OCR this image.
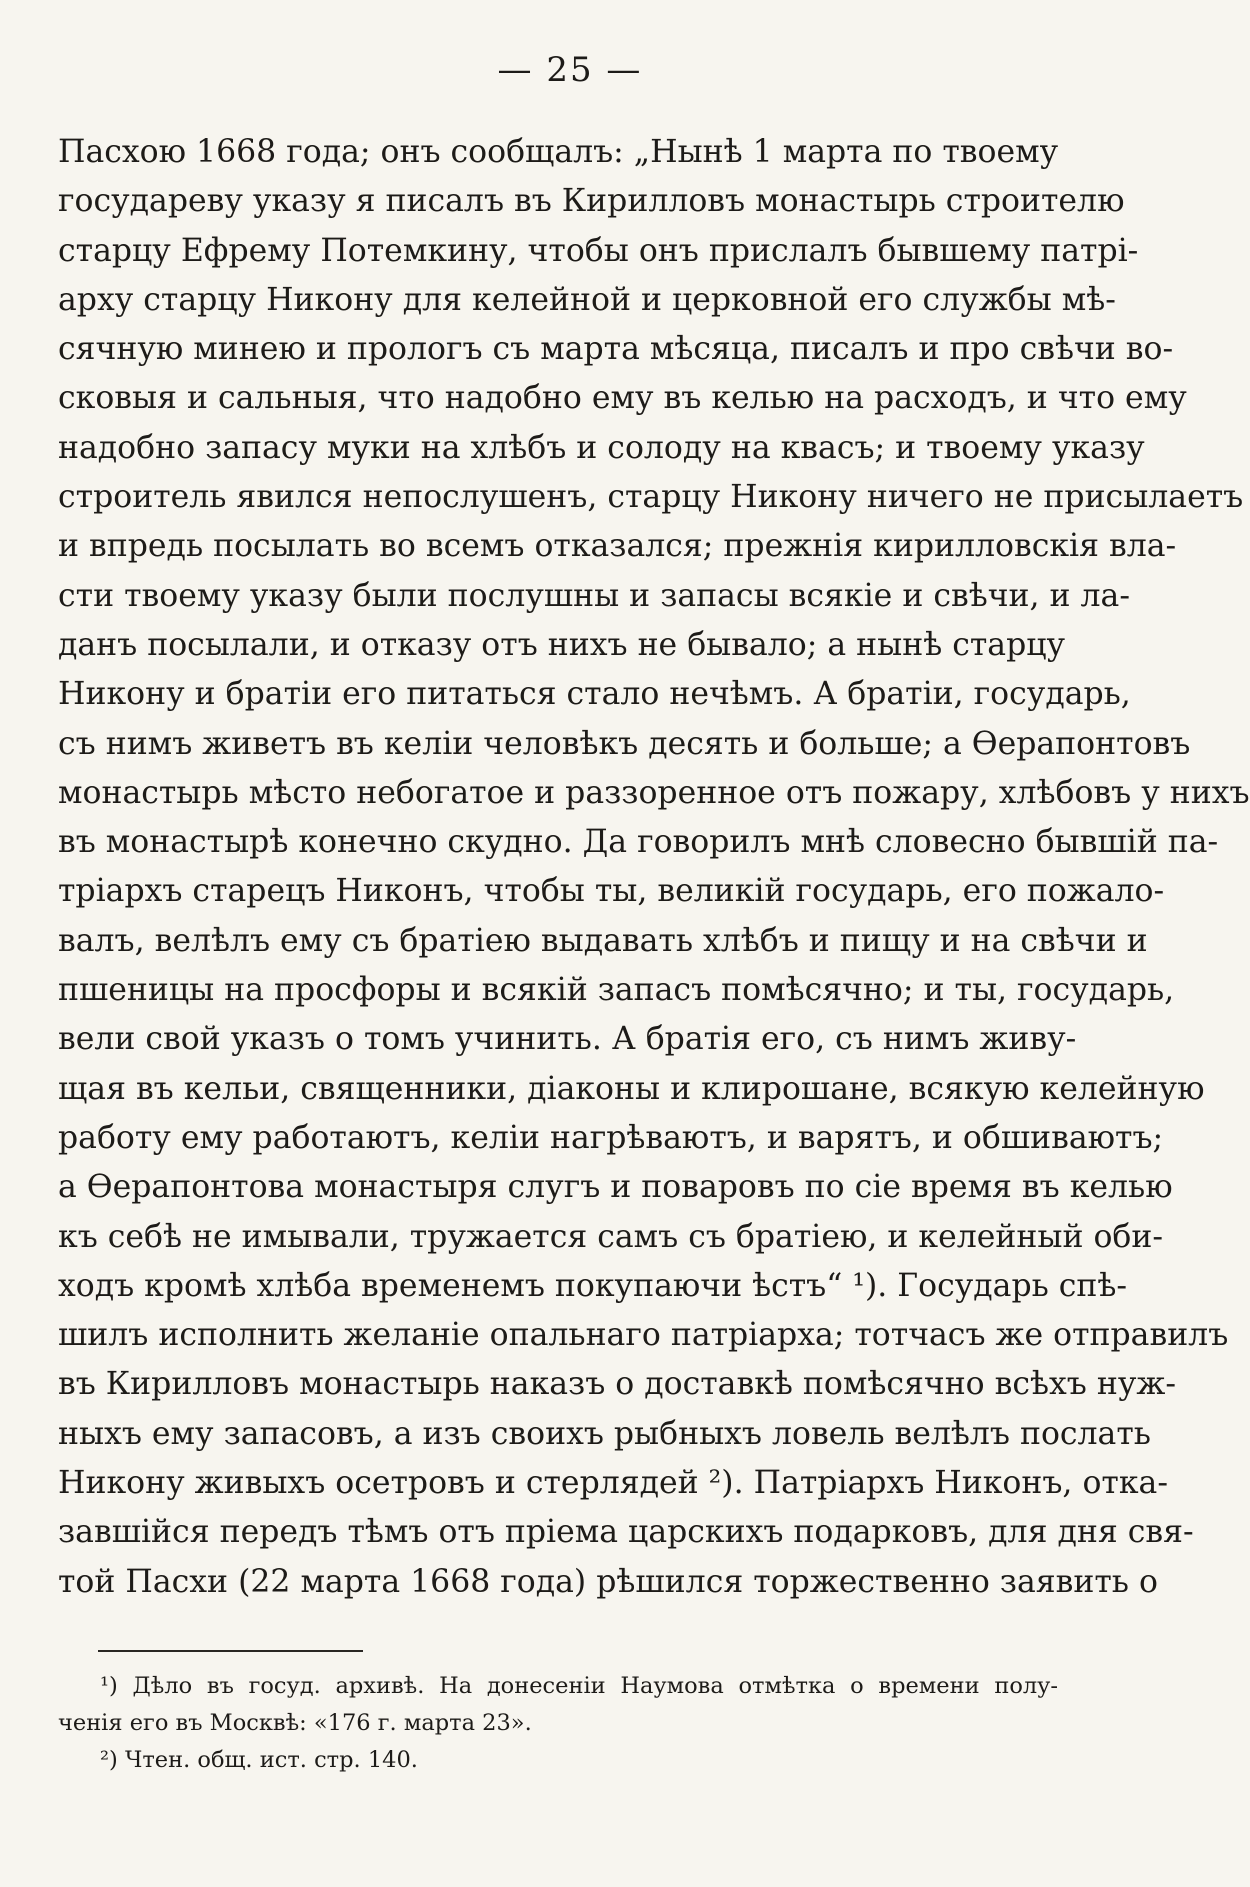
— 25 —
Пасхою 1668 года; онъ сообщалъ: „Нынѣ 1 марта по твоему
государеву указу я писалъ въ Кирилловъ монастырь строителю
старцу Ефрему Потемкину, чтобы онъ прислалъ бывшему патрі-
арху старцу Никону для келейной и церковной его службы мѣ-
сячную минею и прологъ съ марта мѣсяца, писалъ и про свѣчи во-
сковыя и сальныя, что надобно ему въ келью на расходъ, и что ему
надобно запасу муки на хлѣбъ и солоду на квасъ; и твоему указу
строитель явился непослушенъ, старцу Никону ничего не присылаетъ
и впредь посылать во всемъ отказался; прежнія кирилловскія вла-
сти твоему указу были послушны и запасы всякіе и свѣчи, и ла-
данъ посылали, и отказу отъ нихъ не бывало; а нынѣ старцу
Никону и братіи его питаться стало нечѣмъ. А братіи, государь,
съ нимъ живетъ въ келіи человѣкъ десять и больше; а Ѳерапонтовъ
монастырь мѣсто небогатое и раззоренное отъ пожару, хлѣбовъ у нихъ
въ монастырѣ конечно скудно. Да говорилъ мнѣ словесно бывшій па-
тріархъ старецъ Никонъ, чтобы ты, великій государь, его пожало-
валъ, велѣлъ ему съ братіею выдавать хлѣбъ и пищу и на свѣчи и
пшеницы на просфоры и всякій запасъ помѣсячно; и ты, государь,
вели свой указъ о томъ учинить. А братія его, съ нимъ живу-
щая въ кельи, священники, діаконы и клирошане, всякую келейную
работу ему работаютъ, келіи нагрѣваютъ, и варятъ, и обшиваютъ;
а Ѳерапонтова монастыря слугъ и поваровъ по сіе время въ келью
къ себѣ не имывали, тружается самъ съ братіею, и келейный оби-
ходъ кромѣ хлѣба временемъ покупаючи ѣстъ“ ¹). Государь спѣ-
шилъ исполнить желаніе опальнаго патріарха; тотчасъ же отправилъ
въ Кирилловъ монастырь наказъ о доставкѣ помѣсячно всѣхъ нуж-
ныхъ ему запасовъ, а изъ своихъ рыбныхъ ловель велѣлъ послать
Никону живыхъ осетровъ и стерлядей ²). Патріархъ Никонъ, отка-
завшійся передъ тѣмъ отъ пріема царскихъ подарковъ, для дня свя-
той Пасхи (22 марта 1668 года) рѣшился торжественно заявить о
¹) Дѣло въ госуд. архивѣ. На донесеніи Наумова отмѣтка о времени полу-
ченія его въ Москвѣ: «176 г. марта 23».
²) Чтен. общ. ист. стр. 140.
